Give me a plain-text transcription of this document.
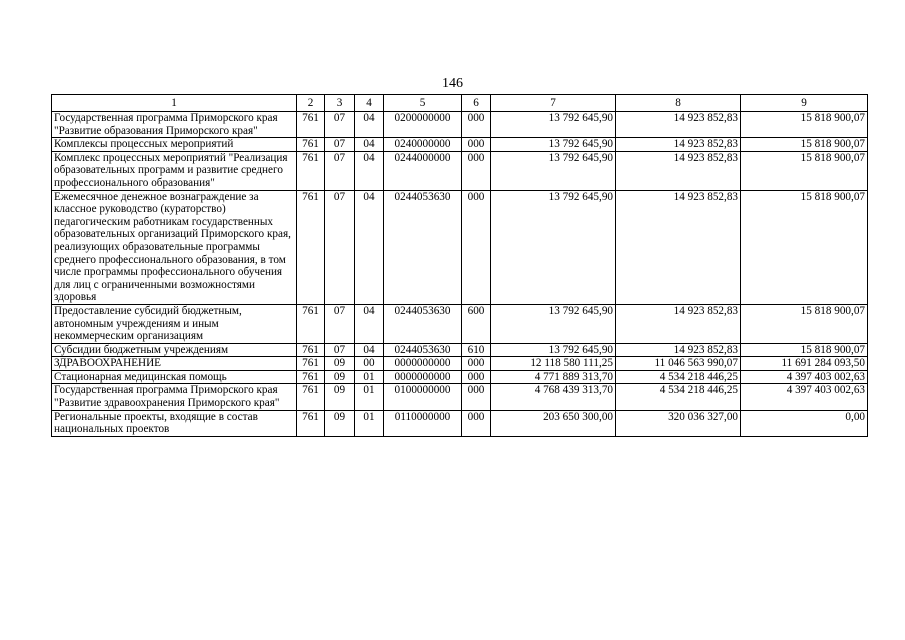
146
1	2	3	4	5	6	7	8	9
Государственная программа Приморского края "Развитие образования Приморского края"	761	07	04	0200000000	000	13 792 645,90	14 923 852,83	15 818 900,07
Комплексы процессных мероприятий	761	07	04	0240000000	000	13 792 645,90	14 923 852,83	15 818 900,07
Комплекс процессных мероприятий "Реализация образовательных программ и развитие среднего профессионального образования"	761	07	04	0244000000	000	13 792 645,90	14 923 852,83	15 818 900,07
Ежемесячное денежное вознаграждение за классное руководство (кураторство) педагогическим работникам государственных образовательных организаций Приморского края, реализующих образовательные программы среднего профессионального образования, в том числе программы профессионального обучения для лиц с ограниченными возможностями здоровья	761	07	04	0244053630	000	13 792 645,90	14 923 852,83	15 818 900,07
Предоставление субсидий бюджетным, автономным учреждениям и иным некоммерческим организациям	761	07	04	0244053630	600	13 792 645,90	14 923 852,83	15 818 900,07
Субсидии бюджетным учреждениям	761	07	04	0244053630	610	13 792 645,90	14 923 852,83	15 818 900,07
ЗДРАВООХРАНЕНИЕ	761	09	00	0000000000	000	12 118 580 111,25	11 046 563 990,07	11 691 284 093,50
Стационарная медицинская помощь	761	09	01	0000000000	000	4 771 889 313,70	4 534 218 446,25	4 397 403 002,63
Государственная программа Приморского края "Развитие здравоохранения Приморского края"	761	09	01	0100000000	000	4 768 439 313,70	4 534 218 446,25	4 397 403 002,63
Региональные проекты, входящие в состав национальных проектов	761	09	01	0110000000	000	203 650 300,00	320 036 327,00	0,00
